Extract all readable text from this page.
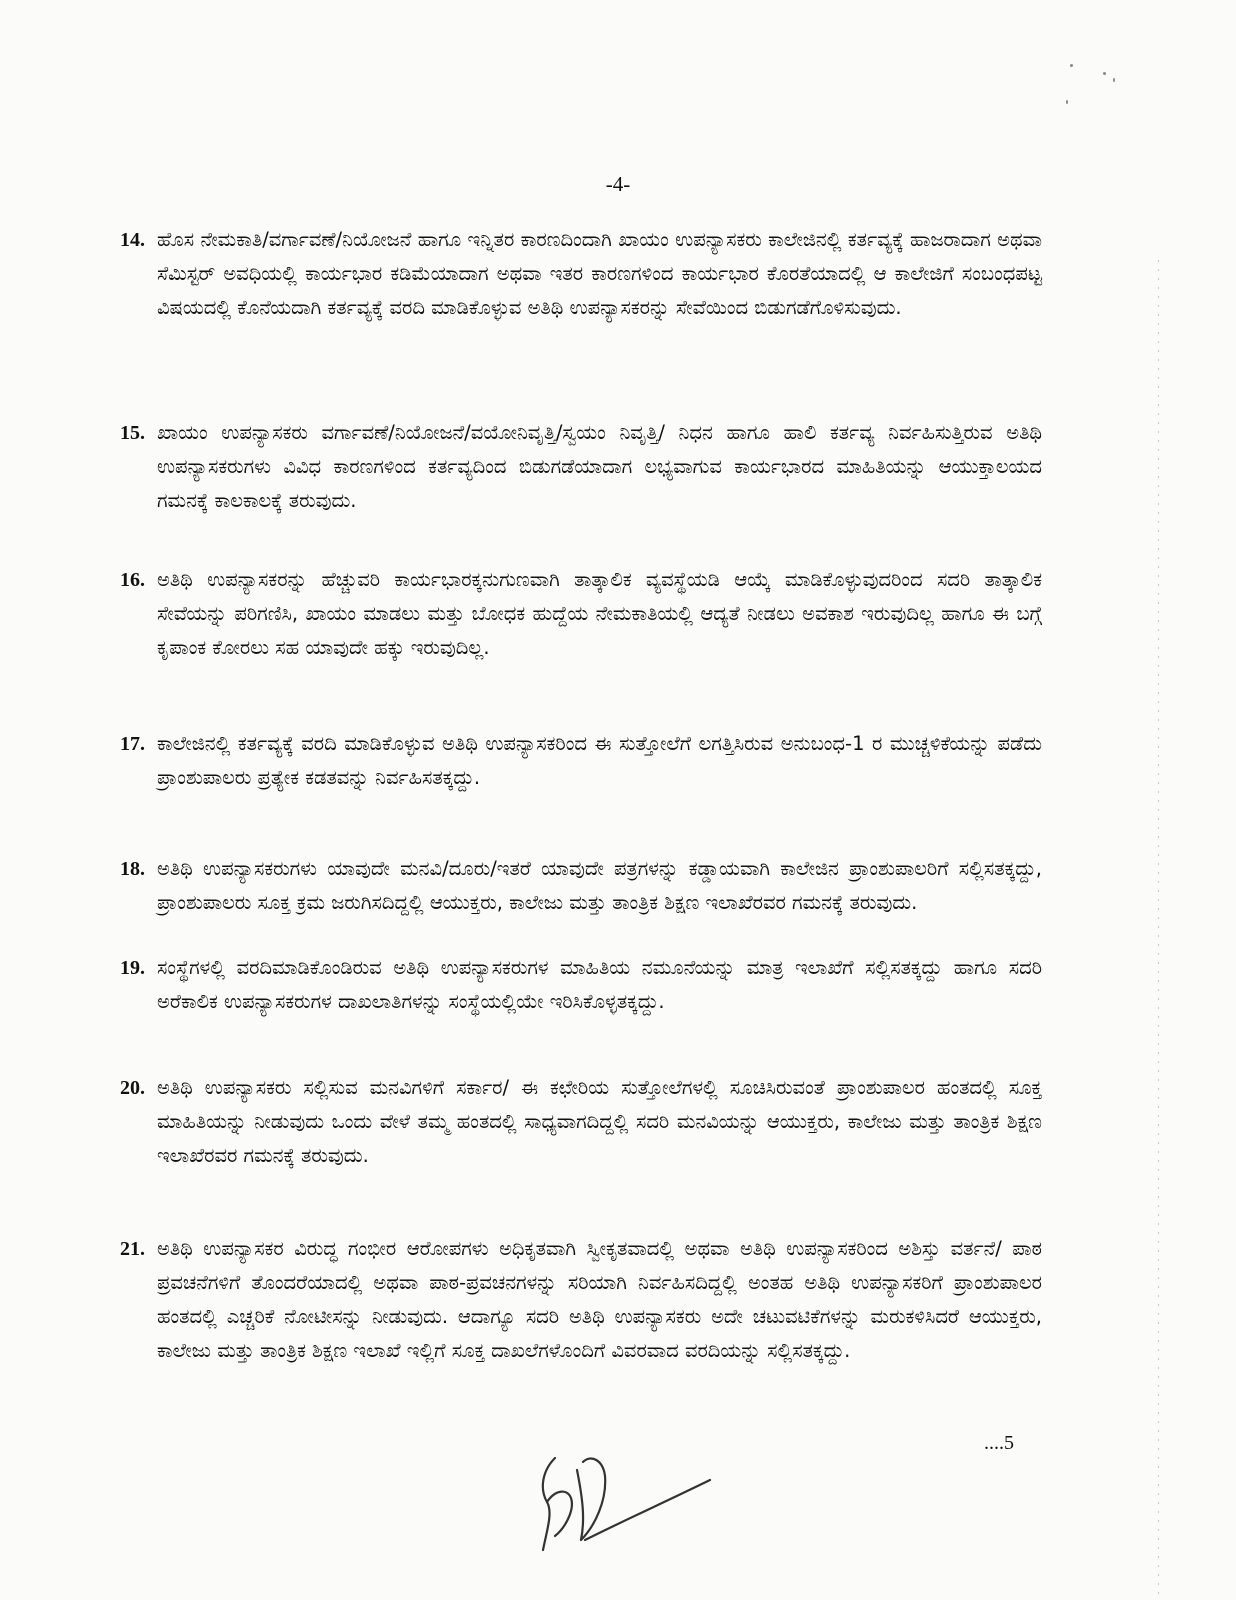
-4-
14. ಹೊಸ ನೇಮಕಾತಿ/ವರ್ಗಾವಣೆ/ನಿಯೋಜನೆ ಹಾಗೂ ಇನ್ನಿತರ ಕಾರಣದಿಂದಾಗಿ ಖಾಯಂ ಉಪನ್ಯಾಸಕರು ಕಾಲೇಜಿನಲ್ಲಿ ಕರ್ತವ್ಯಕ್ಕೆ ಹಾಜರಾದಾಗ ಅಥವಾ ಸೆಮಿಸ್ಟರ್ ಅವಧಿಯಲ್ಲಿ ಕಾರ್ಯಭಾರ ಕಡಿಮೆಯಾದಾಗ ಅಥವಾ ಇತರ ಕಾರಣಗಳಿಂದ ಕಾರ್ಯಭಾರ ಕೊರತೆಯಾದಲ್ಲಿ ಆ ಕಾಲೇಜಿಗೆ ಸಂಬಂಧಪಟ್ಟ ವಿಷಯದಲ್ಲಿ ಕೊನೆಯದಾಗಿ ಕರ್ತವ್ಯಕ್ಕೆ ವರದಿ ಮಾಡಿಕೊಳ್ಳುವ ಅತಿಥಿ ಉಪನ್ಯಾಸಕರನ್ನು ಸೇವೆಯಿಂದ ಬಿಡುಗಡೆಗೊಳಿಸುವುದು.
15. ಖಾಯಂ ಉಪನ್ಯಾಸಕರು ವರ್ಗಾವಣೆ/ನಿಯೋಜನೆ/ವಯೋನಿವೃತ್ತಿ/ಸ್ವಯಂ ನಿವೃತ್ತಿ/ ನಿಧನ ಹಾಗೂ ಹಾಲಿ ಕರ್ತವ್ಯ ನಿರ್ವಹಿಸುತ್ತಿರುವ ಅತಿಥಿ ಉಪನ್ಯಾಸಕರುಗಳು ವಿವಿಧ ಕಾರಣಗಳಿಂದ ಕರ್ತವ್ಯದಿಂದ ಬಿಡುಗಡೆಯಾದಾಗ ಲಭ್ಯವಾಗುವ ಕಾರ್ಯಭಾರದ ಮಾಹಿತಿಯನ್ನು ಆಯುಕ್ತಾಲಯದ ಗಮನಕ್ಕೆ ಕಾಲಕಾಲಕ್ಕೆ ತರುವುದು.
16. ಅತಿಥಿ ಉಪನ್ಯಾಸಕರನ್ನು ಹೆಚ್ಚುವರಿ ಕಾರ್ಯಭಾರಕ್ಕನುಗುಣವಾಗಿ ತಾತ್ಕಾಲಿಕ ವ್ಯವಸ್ಥೆಯಡಿ ಆಯ್ಕೆ ಮಾಡಿಕೊಳ್ಳುವುದರಿಂದ ಸದರಿ ತಾತ್ಕಾಲಿಕ ಸೇವೆಯನ್ನು ಪರಿಗಣಿಸಿ, ಖಾಯಂ ಮಾಡಲು ಮತ್ತು ಬೋಧಕ ಹುದ್ದೆಯ ನೇಮಕಾತಿಯಲ್ಲಿ ಆದ್ಯತೆ ನೀಡಲು ಅವಕಾಶ ಇರುವುದಿಲ್ಲ ಹಾಗೂ ಈ ಬಗ್ಗೆ ಕೃಪಾಂಕ ಕೋರಲು ಸಹ ಯಾವುದೇ ಹಕ್ಕು ಇರುವುದಿಲ್ಲ.
17. ಕಾಲೇಜಿನಲ್ಲಿ ಕರ್ತವ್ಯಕ್ಕೆ ವರದಿ ಮಾಡಿಕೊಳ್ಳುವ ಅತಿಥಿ ಉಪನ್ಯಾಸಕರಿಂದ ಈ ಸುತ್ತೋಲೆಗೆ ಲಗತ್ತಿಸಿರುವ ಅನುಬಂಧ-1 ರ ಮುಚ್ಚಳಿಕೆಯನ್ನು ಪಡೆದು ಪ್ರಾಂಶುಪಾಲರು ಪ್ರತ್ಯೇಕ ಕಡತವನ್ನು ನಿರ್ವಹಿಸತಕ್ಕದ್ದು.
18. ಅತಿಥಿ ಉಪನ್ಯಾಸಕರುಗಳು ಯಾವುದೇ ಮನವಿ/ದೂರು/ಇತರೆ ಯಾವುದೇ ಪತ್ರಗಳನ್ನು ಕಡ್ಡಾಯವಾಗಿ ಕಾಲೇಜಿನ ಪ್ರಾಂಶುಪಾಲರಿಗೆ ಸಲ್ಲಿಸತಕ್ಕದ್ದು, ಪ್ರಾಂಶುಪಾಲರು ಸೂಕ್ತ ಕ್ರಮ ಜರುಗಿಸದಿದ್ದಲ್ಲಿ ಆಯುಕ್ತರು, ಕಾಲೇಜು ಮತ್ತು ತಾಂತ್ರಿಕ ಶಿಕ್ಷಣ ಇಲಾಖೆರವರ ಗಮನಕ್ಕೆ ತರುವುದು.
19. ಸಂಸ್ಥೆಗಳಲ್ಲಿ ವರದಿಮಾಡಿಕೊಂಡಿರುವ ಅತಿಥಿ ಉಪನ್ಯಾಸಕರುಗಳ ಮಾಹಿತಿಯ ನಮೂನೆಯನ್ನು ಮಾತ್ರ ಇಲಾಖೆಗೆ ಸಲ್ಲಿಸತಕ್ಕದ್ದು ಹಾಗೂ ಸದರಿ ಅರೆಕಾಲಿಕ ಉಪನ್ಯಾಸಕರುಗಳ ದಾಖಲಾತಿಗಳನ್ನು ಸಂಸ್ಥೆಯಲ್ಲಿಯೇ ಇರಿಸಿಕೊಳ್ಳತಕ್ಕದ್ದು.
20. ಅತಿಥಿ ಉಪನ್ಯಾಸಕರು ಸಲ್ಲಿಸುವ ಮನವಿಗಳಿಗೆ ಸರ್ಕಾರ/ ಈ ಕಛೇರಿಯ ಸುತ್ತೋಲೆಗಳಲ್ಲಿ ಸೂಚಿಸಿರುವಂತೆ ಪ್ರಾಂಶುಪಾಲರ ಹಂತದಲ್ಲಿ ಸೂಕ್ತ ಮಾಹಿತಿಯನ್ನು ನೀಡುವುದು ಒಂದು ವೇಳೆ ತಮ್ಮ ಹಂತದಲ್ಲಿ ಸಾಧ್ಯವಾಗದಿದ್ದಲ್ಲಿ ಸದರಿ ಮನವಿಯನ್ನು ಆಯುಕ್ತರು, ಕಾಲೇಜು ಮತ್ತು ತಾಂತ್ರಿಕ ಶಿಕ್ಷಣ ಇಲಾಖೆರವರ ಗಮನಕ್ಕೆ ತರುವುದು.
21. ಅತಿಥಿ ಉಪನ್ಯಾಸಕರ ವಿರುದ್ಧ ಗಂಭೀರ ಆರೋಪಗಳು ಅಧಿಕೃತವಾಗಿ ಸ್ವೀಕೃತವಾದಲ್ಲಿ ಅಥವಾ ಅತಿಥಿ ಉಪನ್ಯಾಸಕರಿಂದ ಅಶಿಸ್ತು ವರ್ತನೆ/ ಪಾಠ ಪ್ರವಚನೆಗಳಿಗೆ ತೊಂದರೆಯಾದಲ್ಲಿ ಅಥವಾ ಪಾಠ-ಪ್ರವಚನಗಳನ್ನು ಸರಿಯಾಗಿ ನಿರ್ವಹಿಸದಿದ್ದಲ್ಲಿ ಅಂತಹ ಅತಿಥಿ ಉಪನ್ಯಾಸಕರಿಗೆ ಪ್ರಾಂಶುಪಾಲರ ಹಂತದಲ್ಲಿ ಎಚ್ಚರಿಕೆ ನೋಟೀಸನ್ನು ನೀಡುವುದು. ಆದಾಗ್ಯೂ ಸದರಿ ಅತಿಥಿ ಉಪನ್ಯಾಸಕರು ಅದೇ ಚಟುವಟಿಕೆಗಳನ್ನು ಮರುಕಳಿಸಿದರೆ ಆಯುಕ್ತರು, ಕಾಲೇಜು ಮತ್ತು ತಾಂತ್ರಿಕ ಶಿಕ್ಷಣ ಇಲಾಖೆ ಇಲ್ಲಿಗೆ ಸೂಕ್ತ ದಾಖಲೆಗಳೊಂದಿಗೆ ವಿವರವಾದ ವರದಿಯನ್ನು ಸಲ್ಲಿಸತಕ್ಕದ್ದು.
....5
